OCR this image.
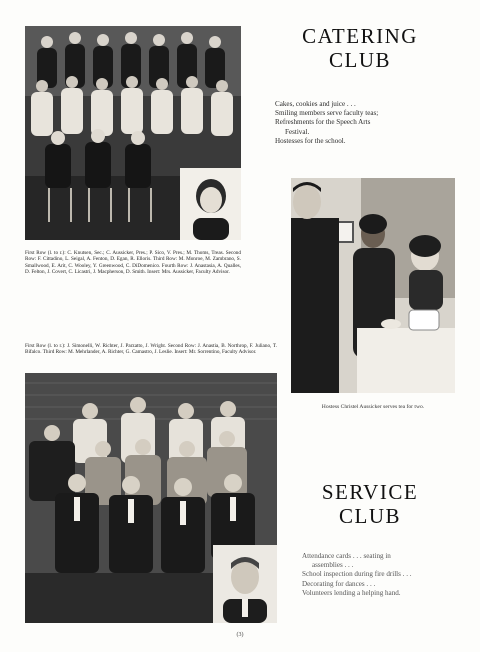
First Row (l. to r.): C. Knutsen, Sec.; C. Aussicker, Pres.; P. Sico, V. Pres.; M. Thoms, Treas. Second Row: F. Cittadino, L. Seigal, A. Fenton, D. Egan, R. Elloris. Third Row: M. Monroe, M. Zambrano, S. Smallwood, E. Arit, C. Wooley, Y. Greenwood, C. DiDomenico. Fourth Row: J. Anastasia, A. Qualles, D. Felton, J. Covert, C. Licastri, J. Macpherson, D. Smith. Insert: Mrs. Aussicker, Faculty Advisor.
CATERING
CLUB
Cakes, cookies and juice . . .
Smiling members serve faculty teas;
Refreshments for the Speech Arts
Festival.
Hostesses for the school.
Hostess Christel Aussicker serves tea for two.
First Row (l. to r.): J. Simonelli, W. Richter, J. Parzatto, J. Wright. Second Row: J. Anastia, B. Northrop, F. Juliano, T. Bifalco. Third Row: M. Mehrlander, A. Richter, G. Camastro, J. Leslie. Insert: Mr. Sorrentino, Faculty Advisor.
SERVICE
CLUB
Attendance cards . . . seating in
assemblies . . .
School inspection during fire drills . . .
Decorating for dances . . .
Volunteers lending a helping hand.
(3)
